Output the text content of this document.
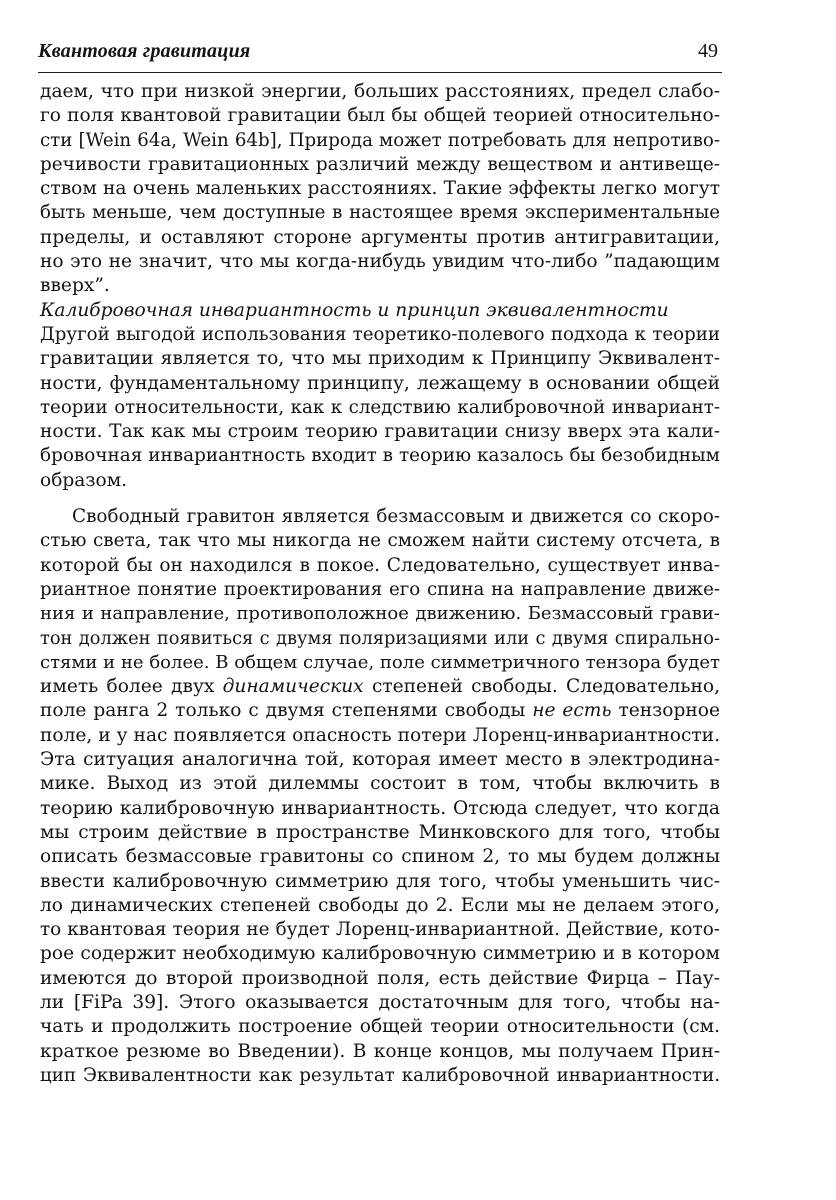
Квантовая гравитация	49
даем, что при низкой энергии, больших расстояниях, предел слабо-
го поля квантовой гравитации был бы общей теорией относительно-
сти [Wein 64a, Wein 64b], Природа может потребовать для непротиво-
речивости гравитационных различий между веществом и антивеще-
ством на очень маленьких расстояниях. Такие эффекты легко могут
быть меньше, чем доступные в настоящее время экспериментальные
пределы, и оставляют стороне аргументы против антигравитации,
но это не значит, что мы когда-нибудь увидим что-либо ”падающим
вверх”.
Калибровочная инвариантность и принцип эквивалентности
Другой выгодой использования теоретико-полевого подхода к теории
гравитации является то, что мы приходим к Принципу Эквивалент-
ности, фундаментальному принципу, лежащему в основании общей
теории относительности, как к следствию калибровочной инвариант-
ности. Так как мы строим теорию гравитации снизу вверх эта кали-
бровочная инвариантность входит в теорию казалось бы безобидным
образом.
Свободный гравитон является безмассовым и движется со скоро-
стью света, так что мы никогда не сможем найти систему отсчета, в
которой бы он находился в покое. Следовательно, существует инва-
риантное понятие проектирования его спина на направление движе-
ния и направление, противоположное движению. Безмассовый грави-
тон должен появиться с двумя поляризациями или с двумя спирально-
стями и не более. В общем случае, поле симметричного тензора будет
иметь более двух динамических степеней свободы. Следовательно,
поле ранга 2 только с двумя степенями свободы не есть тензорное
поле, и у нас появляется опасность потери Лоренц-инвариантности.
Эта ситуация аналогична той, которая имеет место в электродина-
мике. Выход из этой дилеммы состоит в том, чтобы включить в
теорию калибровочную инвариантность. Отсюда следует, что когда
мы строим действие в пространстве Минковского для того, чтобы
описать безмассовые гравитоны со спином 2, то мы будем должны
ввести калибровочную симметрию для того, чтобы уменьшить чис-
ло динамических степеней свободы до 2. Если мы не делаем этого,
то квантовая теория не будет Лоренц-инвариантной. Действие, кото-
рое содержит необходимую калибровочную симметрию и в котором
имеются до второй производной поля, есть действие Фирца – Пау-
ли [FiPa 39]. Этого оказывается достаточным для того, чтобы на-
чать и продолжить построение общей теории относительности (см.
краткое резюме во Введении). В конце концов, мы получаем Прин-
цип Эквивалентности как результат калибровочной инвариантности.
